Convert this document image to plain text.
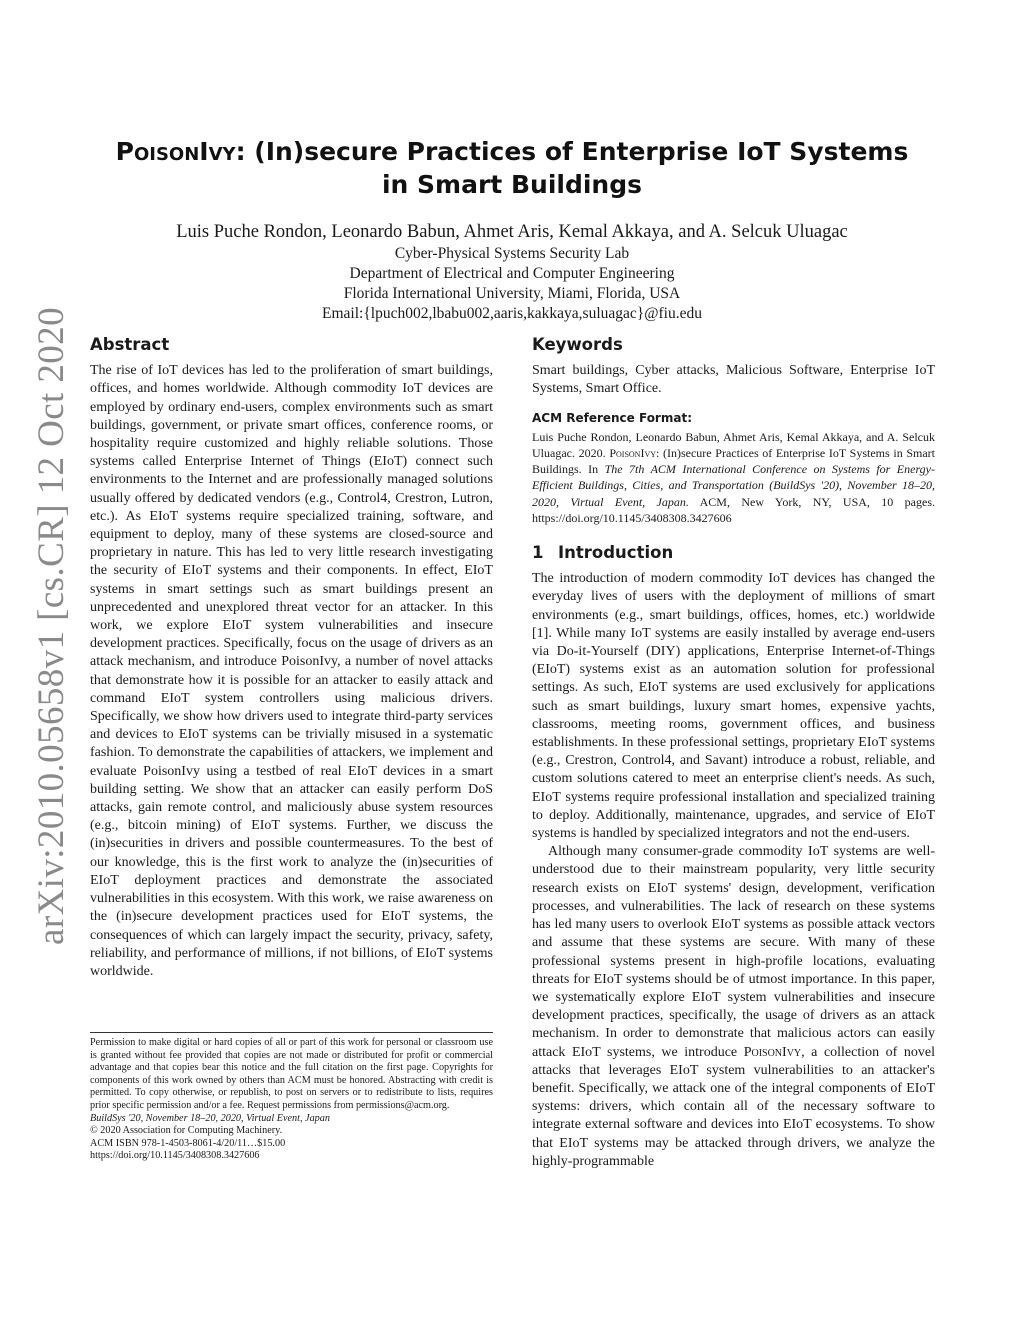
arXiv:2010.05658v1 [cs.CR] 12 Oct 2020
PoisonIvy: (In)secure Practices of Enterprise IoT Systems
in Smart Buildings
Luis Puche Rondon, Leonardo Babun, Ahmet Aris, Kemal Akkaya, and A. Selcuk Uluagac
Cyber-Physical Systems Security Lab
Department of Electrical and Computer Engineering
Florida International University, Miami, Florida, USA
Email:{lpuch002,lbabu002,aaris,kakkaya,suluagac}@fiu.edu
Abstract

The rise of IoT devices has led to the proliferation of smart buildings, offices, and homes worldwide. Although commodity IoT devices are employed by ordinary end-users, complex environments such as smart buildings, government, or private smart offices, conference rooms, or hospitality require customized and highly reliable solutions. Those systems called Enterprise Internet of Things (EIoT) connect such environments to the Internet and are professionally managed solutions usually offered by dedicated vendors (e.g., Control4, Crestron, Lutron, etc.). As EIoT systems require specialized training, software, and equipment to deploy, many of these systems are closed-source and proprietary in nature. This has led to very little research investigating the security of EIoT systems and their components. In effect, EIoT systems in smart settings such as smart buildings present an unprecedented and unexplored threat vector for an attacker. In this work, we explore EIoT system vulnerabilities and insecure development practices. Specifically, focus on the usage of drivers as an attack mechanism, and introduce PoisonIvy, a number of novel attacks that demonstrate how it is possible for an attacker to easily attack and command EIoT system controllers using malicious drivers. Specifically, we show how drivers used to integrate third-party services and devices to EIoT systems can be trivially misused in a systematic fashion. To demonstrate the capabilities of attackers, we implement and evaluate PoisonIvy using a testbed of real EIoT devices in a smart building setting. We show that an attacker can easily perform DoS attacks, gain remote control, and maliciously abuse system resources (e.g., bitcoin mining) of EIoT systems. Further, we discuss the (in)securities in drivers and possible countermeasures. To the best of our knowledge, this is the first work to analyze the (in)securities of EIoT deployment practices and demonstrate the associated vulnerabilities in this ecosystem. With this work, we raise awareness on the (in)secure development practices used for EIoT systems, the consequences of which can largely impact the security, privacy, safety, reliability, and performance of millions, if not billions, of EIoT systems worldwide.

Permission to make digital or hard copies of all or part of this work for personal or classroom use is granted without fee provided that copies are not made or distributed for profit or commercial advantage and that copies bear this notice and the full citation on the first page. Copyrights for components of this work owned by others than ACM must be honored. Abstracting with credit is permitted. To copy otherwise, or republish, to post on servers or to redistribute to lists, requires prior specific permission and/or a fee. Request permissions from permissions@acm.org.

BuildSys '20, November 18–20, 2020, Virtual Event, Japan
© 2020 Association for Computing Machinery.
ACM ISBN 978-1-4503-8061-4/20/11…$15.00
https://doi.org/10.1145/3408308.3427606
Keywords

Smart buildings, Cyber attacks, Malicious Software, Enterprise IoT Systems, Smart Office.

ACM Reference Format:

Luis Puche Rondon, Leonardo Babun, Ahmet Aris, Kemal Akkaya, and A. Selcuk Uluagac. 2020. PoisonIvy: (In)secure Practices of Enterprise IoT Systems in Smart Buildings. In The 7th ACM International Conference on Systems for Energy-Efficient Buildings, Cities, and Transportation (BuildSys '20), November 18–20, 2020, Virtual Event, Japan. ACM, New York, NY, USA, 10 pages. https://doi.org/10.1145/3408308.3427606

1 Introduction

The introduction of modern commodity IoT devices has changed the everyday lives of users with the deployment of millions of smart environments (e.g., smart buildings, offices, homes, etc.) worldwide [1]. While many IoT systems are easily installed by average end-users via Do-it-Yourself (DIY) applications, Enterprise Internet-of-Things (EIoT) systems exist as an automation solution for professional settings. As such, EIoT systems are used exclusively for applications such as smart buildings, luxury smart homes, expensive yachts, classrooms, meeting rooms, government offices, and business establishments. In these professional settings, proprietary EIoT systems (e.g., Crestron, Control4, and Savant) introduce a robust, reliable, and custom solutions catered to meet an enterprise client's needs. As such, EIoT systems require professional installation and specialized training to deploy. Additionally, maintenance, upgrades, and service of EIoT systems is handled by specialized integrators and not the end-users.

Although many consumer-grade commodity IoT systems are well-understood due to their mainstream popularity, very little security research exists on EIoT systems' design, development, verification processes, and vulnerabilities. The lack of research on these systems has led many users to overlook EIoT systems as possible attack vectors and assume that these systems are secure. With many of these professional systems present in high-profile locations, evaluating threats for EIoT systems should be of utmost importance. In this paper, we systematically explore EIoT system vulnerabilities and insecure development practices, specifically, the usage of drivers as an attack mechanism. In order to demonstrate that malicious actors can easily attack EIoT systems, we introduce PoisonIvy, a collection of novel attacks that leverages EIoT system vulnerabilities to an attacker's benefit. Specifically, we attack one of the integral components of EIoT systems: drivers, which contain all of the necessary software to integrate external software and devices into EIoT ecosystems. To show that EIoT systems may be attacked through drivers, we analyze the highly-programmable
